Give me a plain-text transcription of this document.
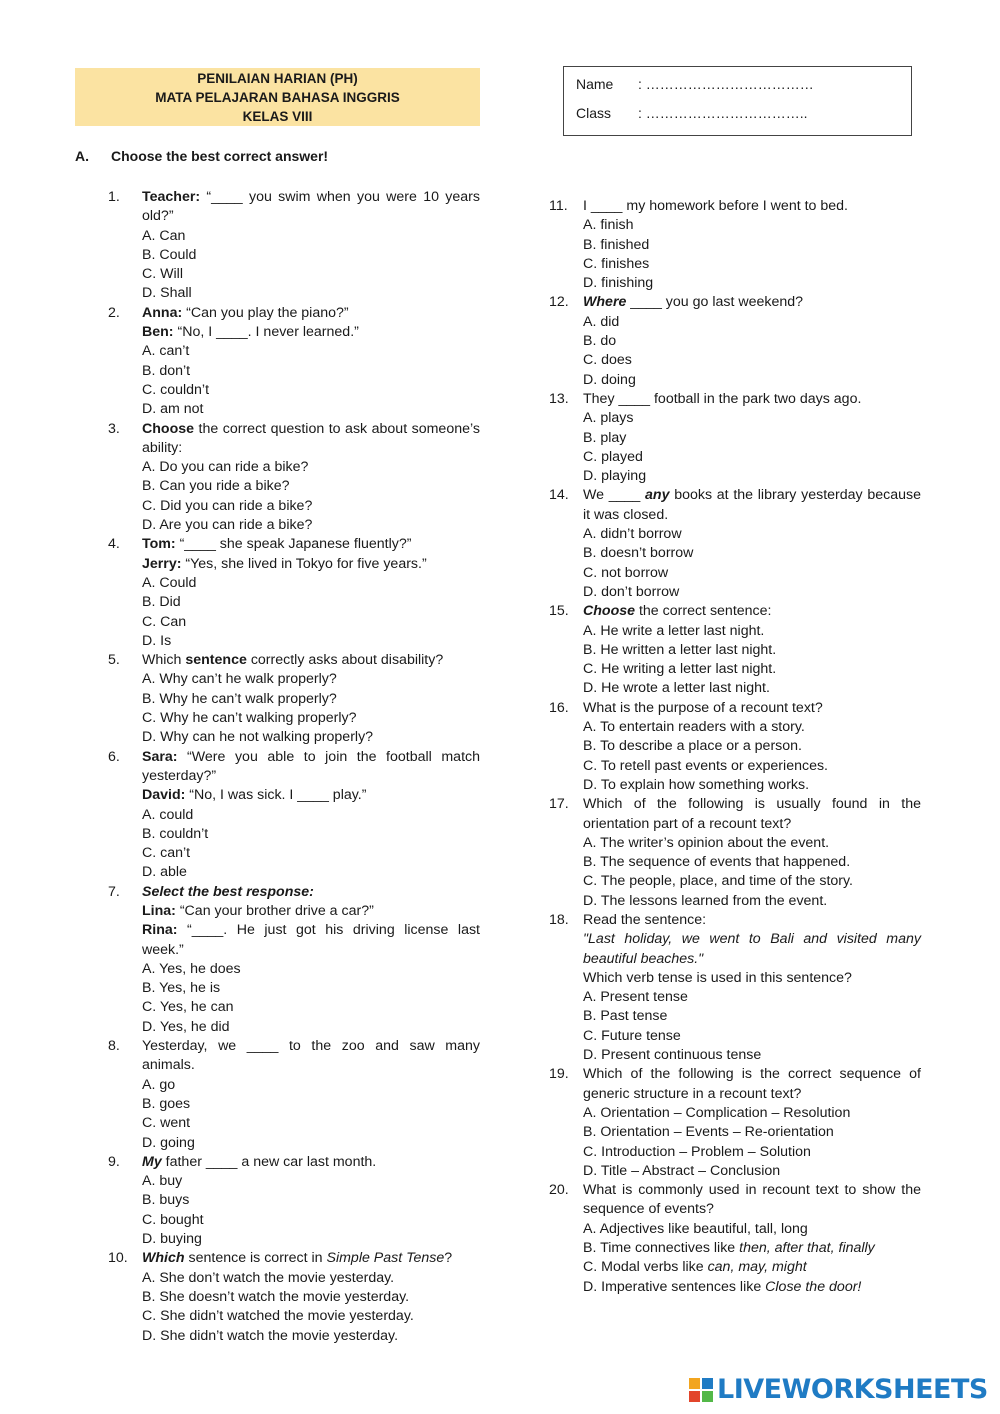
PENILAIAN HARIAN (PH)
MATA PELAJARAN BAHASA INGGRIS
KELAS VIII
Name : ………………………………
Class : ……………………………..
A. Choose the best correct answer!
1. Teacher: “____ you swim when you were 10 years old?”
A. Can
B. Could
C. Will
D. Shall
2. Anna: “Can you play the piano?”
Ben: “No, I ____. I never learned.”
A. can’t
B. don’t
C. couldn’t
D. am not
3. Choose the correct question to ask about someone’s ability:
A. Do you can ride a bike?
B. Can you ride a bike?
C. Did you can ride a bike?
D. Are you can ride a bike?
4. Tom: “____ she speak Japanese fluently?”
Jerry: “Yes, she lived in Tokyo for five years.”
A. Could
B. Did
C. Can
D. Is
5. Which sentence correctly asks about disability?
A. Why can’t he walk properly?
B. Why he can’t walk properly?
C. Why he can’t walking properly?
D. Why can he not walking properly?
6. Sara: “Were you able to join the football match yesterday?”
David: “No, I was sick. I ____ play.”
A. could
B. couldn’t
C. can’t
D. able
7. Select the best response:
Lina: “Can your brother drive a car?”
Rina: “____. He just got his driving license last week.”
A. Yes, he does
B. Yes, he is
C. Yes, he can
D. Yes, he did
8. Yesterday, we ____ to the zoo and saw many animals.
A. go
B. goes
C. went
D. going
9. My father ____ a new car last month.
A. buy
B. buys
C. bought
D. buying
10. Which sentence is correct in Simple Past Tense?
A. She don’t watch the movie yesterday.
B. She doesn’t watch the movie yesterday.
C. She didn’t watched the movie yesterday.
D. She didn’t watch the movie yesterday.
11. I ____ my homework before I went to bed.
A. finish
B. finished
C. finishes
D. finishing
12. Where ____ you go last weekend?
A. did
B. do
C. does
D. doing
13. They ____ football in the park two days ago.
A. plays
B. play
C. played
D. playing
14. We ____ any books at the library yesterday because it was closed.
A. didn’t borrow
B. doesn’t borrow
C. not borrow
D. don’t borrow
15. Choose the correct sentence:
A. He write a letter last night.
B. He written a letter last night.
C. He writing a letter last night.
D. He wrote a letter last night.
16. What is the purpose of a recount text?
A. To entertain readers with a story.
B. To describe a place or a person.
C. To retell past events or experiences.
D. To explain how something works.
17. Which of the following is usually found in the orientation part of a recount text?
A. The writer’s opinion about the event.
B. The sequence of events that happened.
C. The people, place, and time of the story.
D. The lessons learned from the event.
18. Read the sentence:
"Last holiday, we went to Bali and visited many beautiful beaches."
Which verb tense is used in this sentence?
A. Present tense
B. Past tense
C. Future tense
D. Present continuous tense
19. Which of the following is the correct sequence of generic structure in a recount text?
A. Orientation – Complication – Resolution
B. Orientation – Events – Re-orientation
C. Introduction – Problem – Solution
D. Title – Abstract – Conclusion
20. What is commonly used in recount text to show the sequence of events?
A. Adjectives like beautiful, tall, long
B. Time connectives like then, after that, finally
C. Modal verbs like can, may, might
D. Imperative sentences like Close the door!
LIVEWORKSHEETS
